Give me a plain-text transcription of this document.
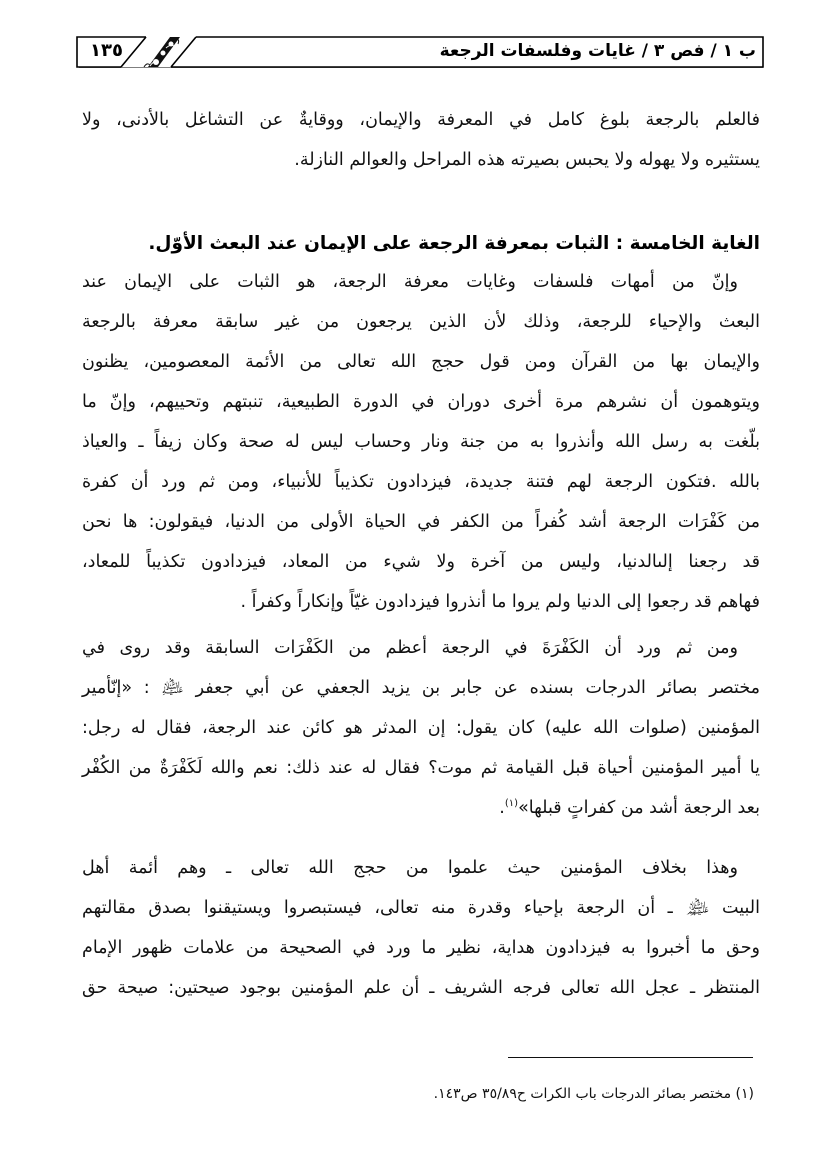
١٣٥	ب ١ / فص ٣ / غايات وفلسفات الرجعة

فالعلم بالرجعة بلوغ كامل في المعرفة والإيمان، ووقايةٌ عن التشاغل بالأدنى، ولا
يستثيره ولا يهوله ولا يحبس بصيرته هذه المراحل والعوالم النازلة.

الغاية الخامسة : الثبات بمعرفة الرجعة على الإيمان عند البعث الأوّل.

وإنّ من أمهات فلسفات وغايات معرفة الرجعة، هو الثبات على الإيمان عند
البعث والإحياء للرجعة، وذلك لأن الذين يرجعون من غير سابقة معرفة بالرجعة
والإيمان بها من القرآن ومن قول حجج الله تعالى من الأئمة المعصومين، يظنون
ويتوهمون أن نشرهم مرة أخرى دوران في الدورة الطبيعية، تنبتهم وتحييهم، وإنّ ما
بلّغت به رسل الله وأنذروا به من جنة ونار وحساب ليس له صحة وكان زيفاً ـ والعياذ
بالله .فتكون الرجعة لهم فتنة جديدة، فيزدادون تكذيباً للأنبياء، ومن ثم ورد أن كفرة
من كَفْرَات الرجعة أشد كُفراً من الكفر في الحياة الأولى من الدنيا، فيقولون: ها نحن
قد رجعنا إلىالدنيا، وليس من آخرة ولا شيء من المعاد، فيزدادون تكذيباً للمعاد،
فهاهم قد رجعوا إلى الدنيا ولم يروا ما أنذروا فيزدادون غيّاً وإنكاراً وكفراً .

ومن ثم ورد أن الكَفْرَةَ في الرجعة أعظم من الكَفْرَات السابقة وقد روى في
مختصر بصائر الدرجات بسنده عن جابر بن يزيد الجعفي عن أبي جعفر ﵇ : «إنّأمير
المؤمنين (صلوات الله عليه) كان يقول: إن المدثر هو كائن عند الرجعة، فقال له رجل:
يا أمير المؤمنين أحياة قبل القيامة ثم موت؟ فقال له عند ذلك: نعم والله لَكَفْرَةٌ من الكُفْر
بعد الرجعة أشد من كفراتٍ قبلها»$^{(١)}$.

وهذا بخلاف المؤمنين حيث علموا من حجج الله تعالى ـ وهم أئمة أهل
البيت ﵈ ـ أن الرجعة بإحياء وقدرة منه تعالى، فيستبصروا ويستيقنوا بصدق مقالتهم
وحق ما أخبروا به فيزدادون هداية، نظير ما ورد في الصحيحة من علامات ظهور الإمام
المنتظر ـ عجل الله تعالى فرجه الشريف ـ أن علم المؤمنين بوجود صيحتين: صيحة حق

(١) مختصر بصائر الدرجات باب الكرات ح٣٥/٨٩ ص١٤٣.
